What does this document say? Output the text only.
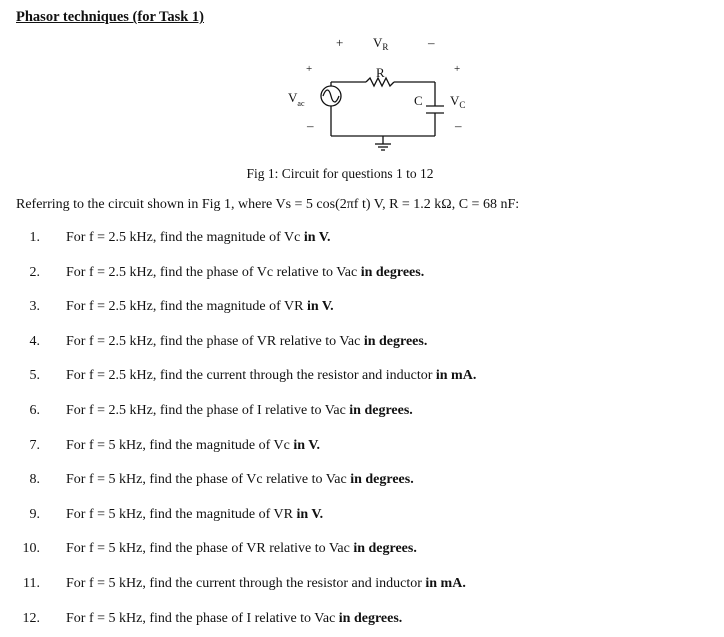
Phasor techniques (for Task 1)
+ $V_R$	–
R
+
$V_{ac}$
–
+
C $V_C$
–
Fig 1: Circuit for questions 1 to 12
Referring to the circuit shown in Fig 1, where Vs = 5 cos(2πf t) V, R = 1.2 kΩ, C = 68 nF:
1. For f = 2.5 kHz, find the magnitude of Vc in V.
2. For f = 2.5 kHz, find the phase of Vc relative to Vac in degrees.
3. For f = 2.5 kHz, find the magnitude of VR in V.
4. For f = 2.5 kHz, find the phase of VR relative to Vac in degrees.
5. For f = 2.5 kHz, find the current through the resistor and inductor in mA.
6. For f = 2.5 kHz, find the phase of I relative to Vac in degrees.
7. For f = 5 kHz, find the magnitude of Vc in V.
8. For f = 5 kHz, find the phase of Vc relative to Vac in degrees.
9. For f = 5 kHz, find the magnitude of VR in V.
10. For f = 5 kHz, find the phase of VR relative to Vac in degrees.
11. For f = 5 kHz, find the current through the resistor and inductor in mA.
12. For f = 5 kHz, find the phase of I relative to Vac in degrees.
